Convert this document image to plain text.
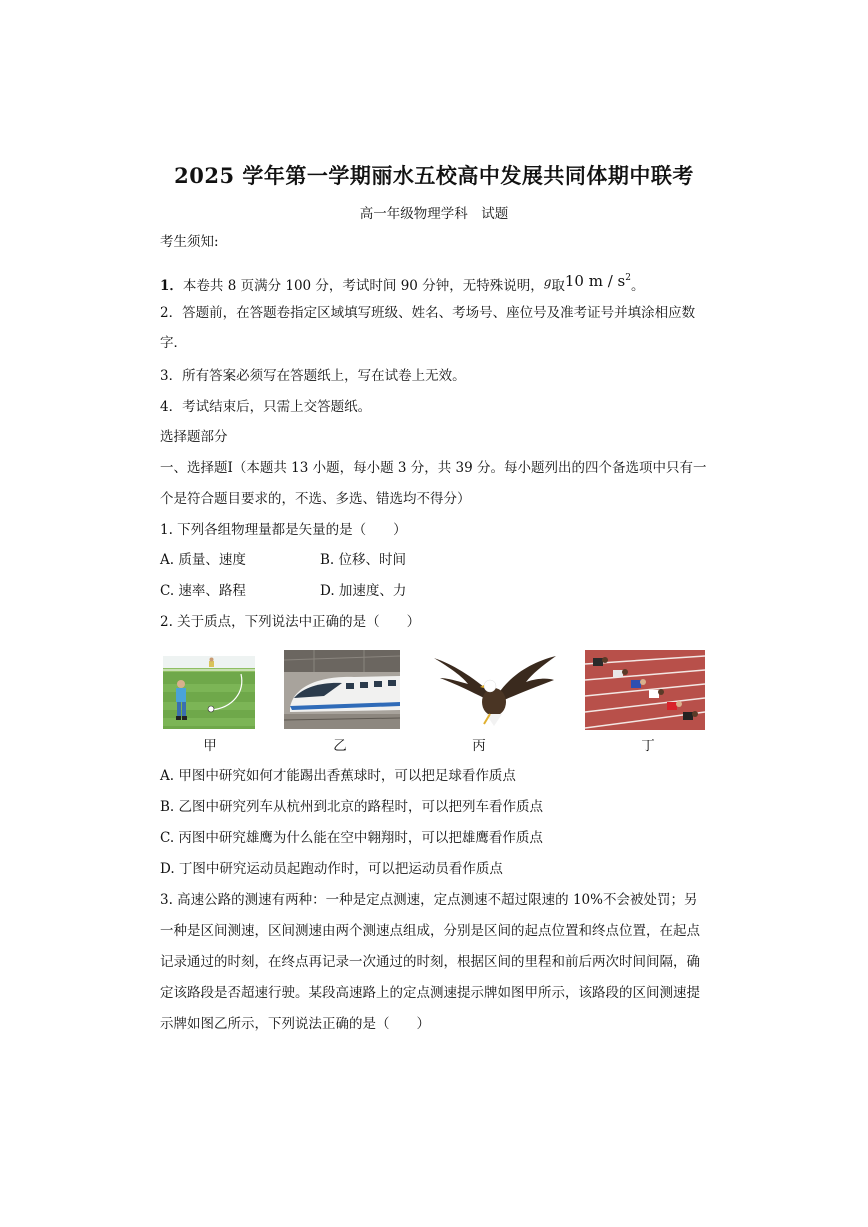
2025 学年第一学期丽水五校高中发展共同体期中联考
高一年级物理学科　试题
考生须知:
1．本卷共 8 页满分 100 分，考试时间 90 分钟，无特殊说明，g取10 m / $s^2$。
2．答题前，在答题卷指定区域填写班级、姓名、考场号、座位号及准考证号并填涂相应数
字．
3．所有答案必须写在答题纸上，写在试卷上无效。
4．考试结束后，只需上交答题纸。
选择题部分
一、选择题Ⅰ（本题共 13 小题，每小题 3 分，共 39 分。每小题列出的四个备选项中只有一
个是符合题目要求的，不选、多选、错选均不得分）
1. 下列各组物理量都是矢量的是（　　）
A. 质量、速度	B. 位移、时间
C. 速率、路程	D. 加速度、力
2. 关于质点，下列说法中正确的是（　　）
甲	乙	丙	丁
A. 甲图中研究如何才能踢出香蕉球时，可以把足球看作质点
B. 乙图中研究列车从杭州到北京的路程时，可以把列车看作质点
C. 丙图中研究雄鹰为什么能在空中翱翔时，可以把雄鹰看作质点
D. 丁图中研究运动员起跑动作时，可以把运动员看作质点
3. 高速公路的测速有两种：一种是定点测速，定点测速不超过限速的 10%不会被处罚；另
一种是区间测速，区间测速由两个测速点组成，分别是区间的起点位置和终点位置，在起点
记录通过的时刻，在终点再记录一次通过的时刻，根据区间的里程和前后两次时间间隔，确
定该路段是否超速行驶。某段高速路上的定点测速提示牌如图甲所示，该路段的区间测速提
示牌如图乙所示，下列说法正确的是（　　）
